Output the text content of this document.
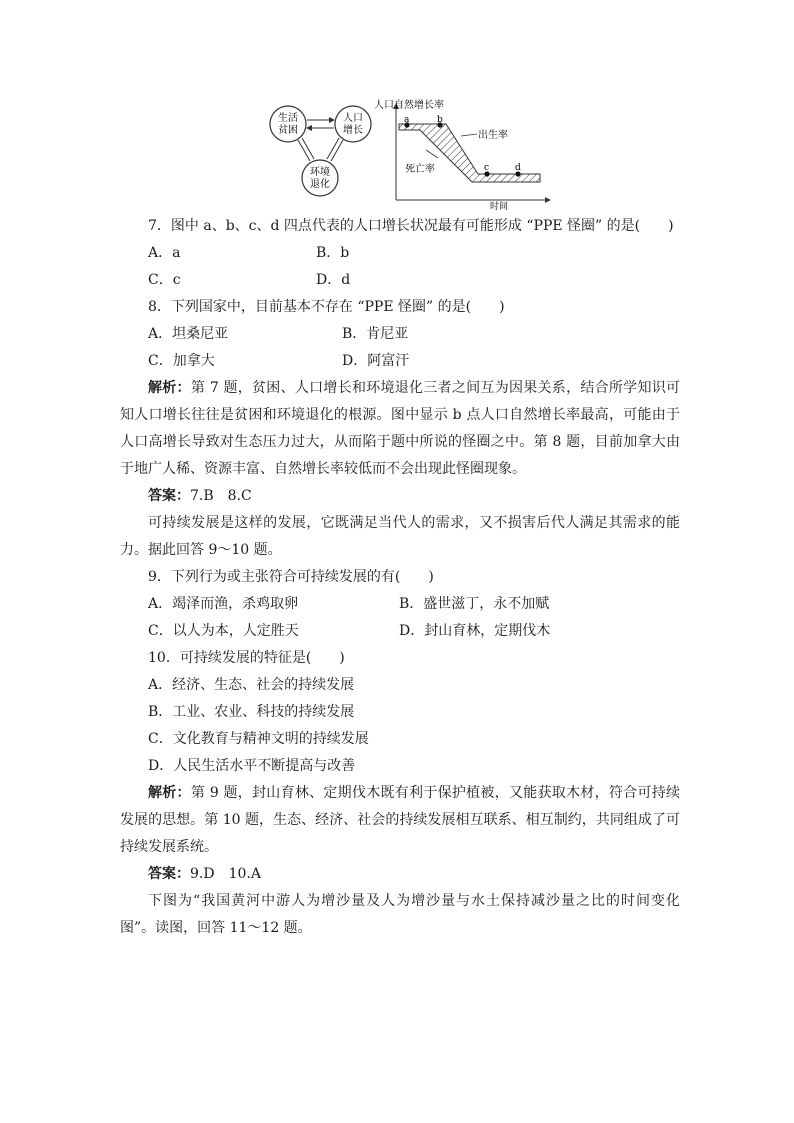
生活
贫困
人口
增长
环境
退化
人口自然增长率
时间
a	b
c	d
出生率
死亡率

7．图中 a、b、c、d 四点代表的人口增长状况最有可能形成 “PPE 怪圈” 的是(　　)

A．a	B．b
C．c	D．d

8．下列国家中，目前基本不存在 “PPE 怪圈” 的是(　　)

A．坦桑尼亚	B．肯尼亚
C．加拿大	D．阿富汗

解析：第 7 题，贫困、人口增长和环境退化三者之间互为因果关系，结合所学知识可知人口增长往往是贫困和环境退化的根源。图中显示 b 点人口自然增长率最高，可能由于人口高增长导致对生态压力过大，从而陷于题中所说的怪圈之中。第 8 题，目前加拿大由于地广人稀、资源丰富、自然增长率较低而不会出现此怪圈现象。

答案：7.B　8.C

可持续发展是这样的发展，它既满足当代人的需求，又不损害后代人满足其需求的能力。据此回答 9～10 题。

9．下列行为或主张符合可持续发展的有(　　)

A．竭泽而渔，杀鸡取卵	B．盛世滋丁，永不加赋
C．以人为本，人定胜天	D．封山育林，定期伐木

10．可持续发展的特征是(　　)

A．经济、生态、社会的持续发展

B．工业、农业、科技的持续发展

C．文化教育与精神文明的持续发展

D．人民生活水平不断提高与改善

解析：第 9 题，封山育林、定期伐木既有利于保护植被，又能获取木材，符合可持续发展的思想。第 10 题，生态、经济、社会的持续发展相互联系、相互制约，共同组成了可持续发展系统。

答案：9.D　10.A

下图为“我国黄河中游人为增沙量及人为增沙量与水土保持减沙量之比的时间变化图”。读图，回答 11～12 题。
